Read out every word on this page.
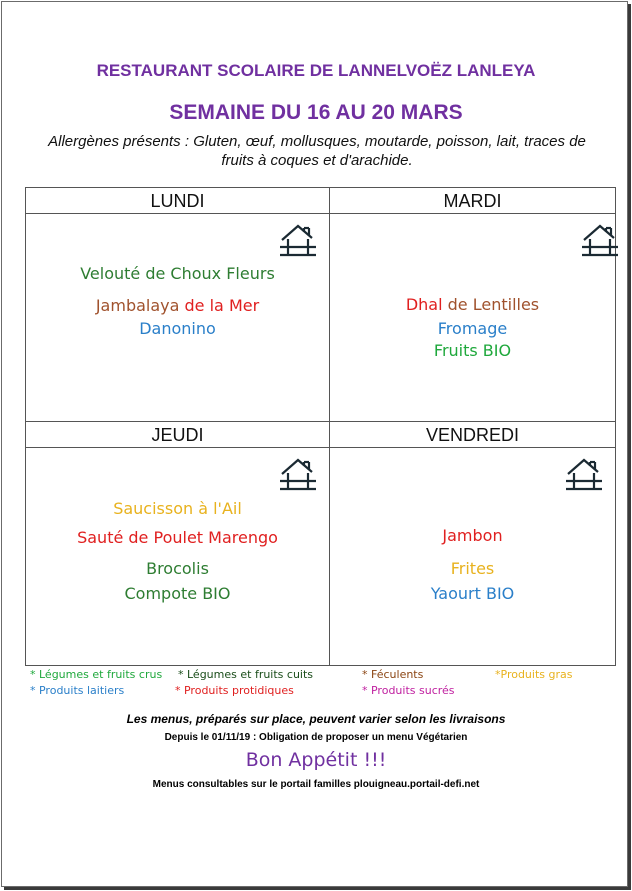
RESTAURANT SCOLAIRE DE LANNELVOËZ LANLEYA
SEMAINE DU 16 AU 20 MARS
Allergènes présents : Gluten, œuf, mollusques, moutarde, poisson, lait, traces de
fruits à coques et d'arachide.
LUNDI	MARDI
JEUDI	VENDREDI
Velouté de Choux Fleurs
Jambalaya de la Mer
Danonino
Dhal de Lentilles
Fromage
Fruits BIO
Saucisson à l'Ail
Sauté de Poulet Marengo
Brocolis
Compote BIO
Jambon
Frites
Yaourt BIO
* Légumes et fruits crus * Légumes et fruits cuits	* Féculents	*Produits gras
* Produits laitiers	* Produits protidiques	* Produits sucrés
Les menus, préparés sur place, peuvent varier selon les livraisons
Depuis le 01/11/19 : Obligation de proposer un menu Végétarien
Bon Appétit !!!
Menus consultables sur le portail familles plouigneau.portail-defi.net
